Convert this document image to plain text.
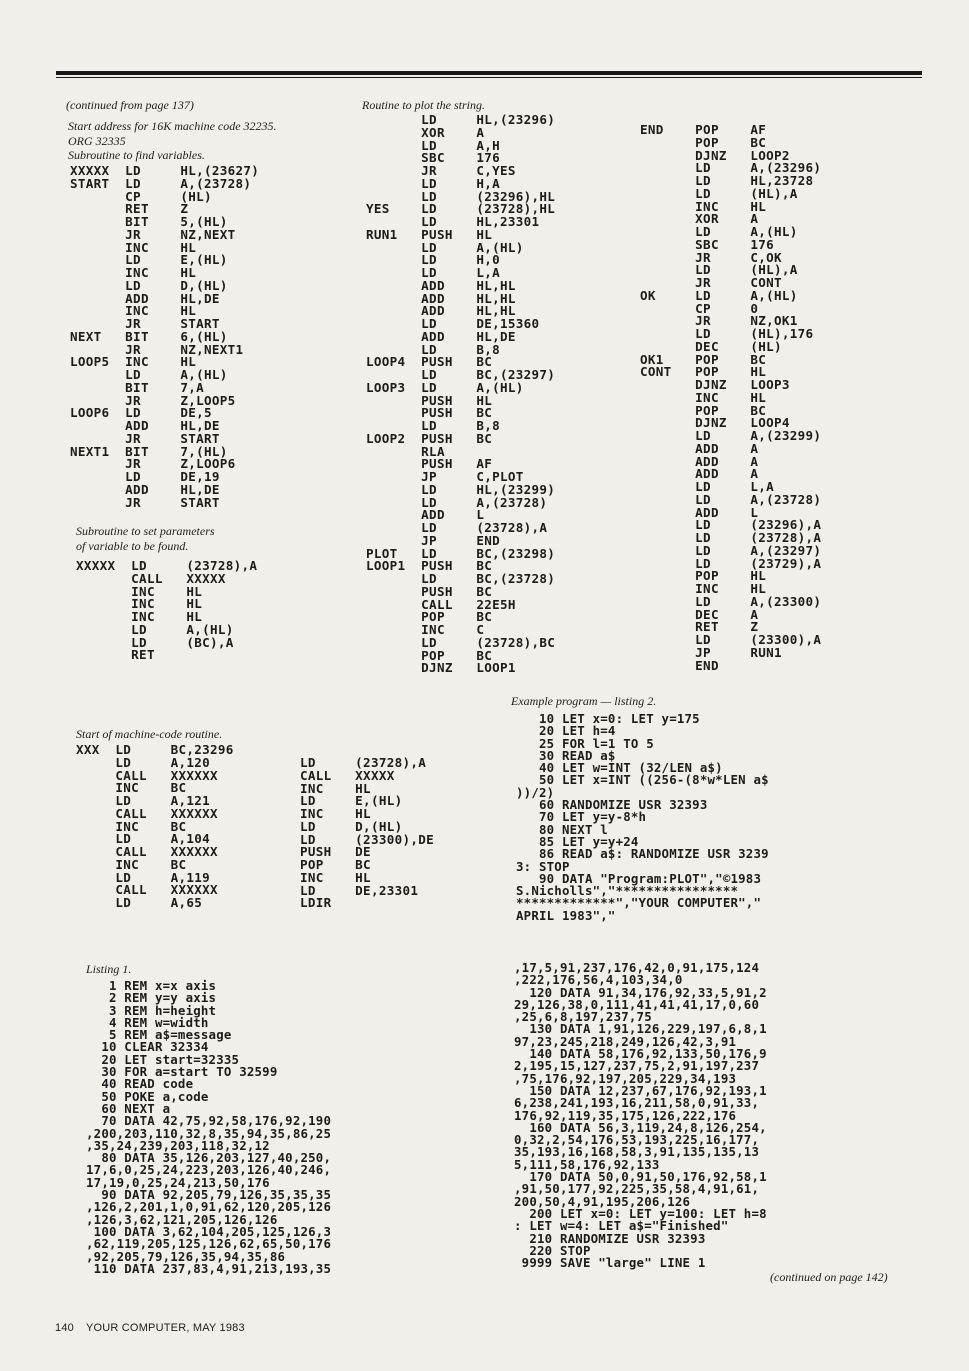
(continued from page 137)
Start address for 16K machine code 32235.
ORG 32335
Subroutine to find variables.
XXXXX  LD     HL,(23627)
START  LD     A,(23728)
CP     (HL)
RET    Z
BIT    5,(HL)
JR     NZ,NEXT
INC    HL
LD     E,(HL)
INC    HL
LD     D,(HL)
ADD    HL,DE
INC    HL
JR     START
NEXT   BIT    6,(HL)
JR     NZ,NEXT1
LOOP5  INC    HL
LD     A,(HL)
BIT    7,A
JR     Z,LOOP5
LOOP6  LD     DE,5
ADD    HL,DE
JR     START
NEXT1  BIT    7,(HL)
JR     Z,LOOP6
LD     DE,19
ADD    HL,DE
JR     START
Subroutine to set parameters
of variable to be found.
XXXXX  LD     (23728),A
CALL   XXXXX
INC    HL
INC    HL
INC    HL
LD     A,(HL)
LD     (BC),A
RET
Routine to plot the string.
LD     HL,(23296)
XOR    A
LD     A,H
SBC    176
JR     C,YES
LD     H,A
LD     (23296),HL
YES    LD     (23728),HL
LD     HL,23301
RUN1   PUSH   HL
LD     A,(HL)
LD     H,0
LD     L,A
ADD    HL,HL
ADD    HL,HL
ADD    HL,HL
LD     DE,15360
ADD    HL,DE
LD     B,8
LOOP4  PUSH   BC
LD     BC,(23297)
LOOP3  LD     A,(HL)
PUSH   HL
PUSH   BC
LD     B,8
LOOP2  PUSH   BC
RLA
PUSH   AF
JP     C,PLOT
LD     HL,(23299)
LD     A,(23728)
ADD    L
LD     (23728),A
JP     END
PLOT   LD     BC,(23298)
LOOP1  PUSH   BC
LD     BC,(23728)
PUSH   BC
CALL   22E5H
POP    BC
INC    C
LD     (23728),BC
POP    BC
DJNZ   LOOP1
END    POP    AF
POP    BC
DJNZ   LOOP2
LD     A,(23296)
LD     HL,23728
LD     (HL),A
INC    HL
XOR    A
LD     A,(HL)
SBC    176
JR     C,OK
LD     (HL),A
JR     CONT
OK     LD     A,(HL)
CP     0
JR     NZ,OK1
LD     (HL),176
DEC    (HL)
OK1    POP    BC
CONT   POP    HL
DJNZ   LOOP3
INC    HL
POP    BC
DJNZ   LOOP4
LD     A,(23299)
ADD    A
ADD    A
ADD    A
LD     L,A
LD     A,(23728)
ADD    L
LD     (23296),A
LD     (23728),A
LD     A,(23297)
LD     (23729),A
POP    HL
INC    HL
LD     A,(23300)
DEC    A
RET    Z
LD     (23300),A
JP     RUN1
END
Start of machine-code routine.
XXX  LD     BC,23296
LD     A,120
CALL   XXXXXX
INC    BC
LD     A,121
CALL   XXXXXX
INC    BC
LD     A,104
CALL   XXXXXX
INC    BC
LD     A,119
CALL   XXXXXX
LD     A,65
LD     (23728),A
CALL   XXXXX
INC    HL
LD     E,(HL)
INC    HL
LD     D,(HL)
LD     (23300),DE
PUSH   DE
POP    BC
INC    HL
LD     DE,23301
LDIR
Example program — listing 2.
10 LET x=0: LET y=175
20 LET h=4
25 FOR l=1 TO 5
30 READ a$
40 LET w=INT (32/LEN a$)
50 LET x=INT ((256-(8*w*LEN a$
))/2)
60 RANDOMIZE USR 32393
70 LET y=y-8*h
80 NEXT l
85 LET y=y+24
86 READ a$: RANDOMIZE USR 3239
3: STOP
90 DATA "Program:PLOT","©1983
S.Nicholls","****************
*************","YOUR COMPUTER","
APRIL 1983","
Listing 1.
1 REM x=x axis
2 REM y=y axis
3 REM h=height
4 REM w=width
5 REM a$=message
10 CLEAR 32334
20 LET start=32335
30 FOR a=start TO 32599
40 READ code
50 POKE a,code
60 NEXT a
70 DATA 42,75,92,58,176,92,190
,200,203,110,32,8,35,94,35,86,25
,35,24,239,203,118,32,12
80 DATA 35,126,203,127,40,250,
17,6,0,25,24,223,203,126,40,246,
17,19,0,25,24,213,50,176
90 DATA 92,205,79,126,35,35,35
,126,2,201,1,0,91,62,120,205,126
,126,3,62,121,205,126,126
100 DATA 3,62,104,205,125,126,3
,62,119,205,125,126,62,65,50,176
,92,205,79,126,35,94,35,86
110 DATA 237,83,4,91,213,193,35
,17,5,91,237,176,42,0,91,175,124
,222,176,56,4,103,34,0
120 DATA 91,34,176,92,33,5,91,2
29,126,38,0,111,41,41,41,17,0,60
,25,6,8,197,237,75
130 DATA 1,91,126,229,197,6,8,1
97,23,245,218,249,126,42,3,91
140 DATA 58,176,92,133,50,176,9
2,195,15,127,237,75,2,91,197,237
,75,176,92,197,205,229,34,193
150 DATA 12,237,67,176,92,193,1
6,238,241,193,16,211,58,0,91,33,
176,92,119,35,175,126,222,176
160 DATA 56,3,119,24,8,126,254,
0,32,2,54,176,53,193,225,16,177,
35,193,16,168,58,3,91,135,135,13
5,111,58,176,92,133
170 DATA 50,0,91,50,176,92,58,1
,91,50,177,92,225,35,58,4,91,61,
200,50,4,91,195,206,126
200 LET x=0: LET y=100: LET h=8
: LET w=4: LET a$="Finished"
210 RANDOMIZE USR 32393
220 STOP
9999 SAVE "large" LINE 1
(continued on page 142)
140 YOUR COMPUTER, MAY 1983
